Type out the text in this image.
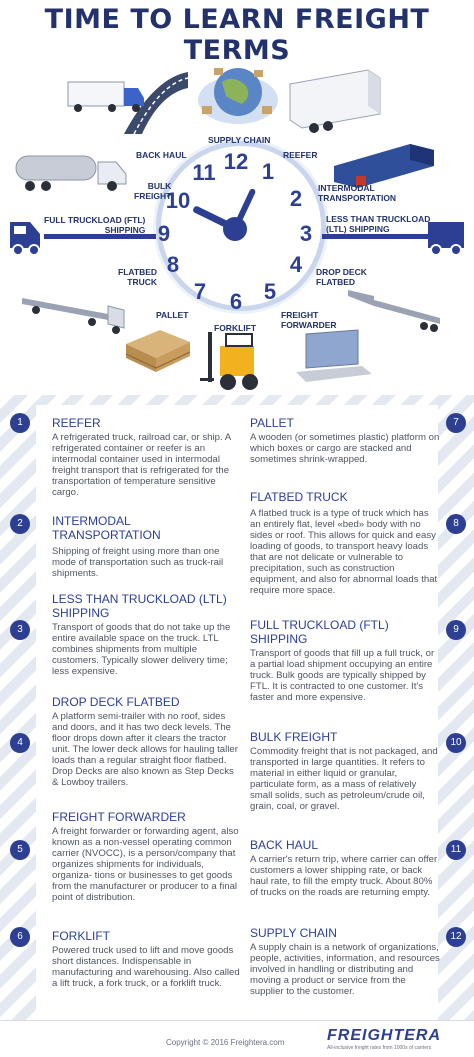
TIME TO LEARN FREIGHT TERMS
12 1
2
3
4
5
6
7
8
9
10
11
SUPPLY CHAIN
REEFER
INTERMODAL
TRANSPORTATION
LESS THAN TRUCKLOAD
(LTL) SHIPPING
DROP DECK
FLATBED
FREIGHT
FORWARDER
FORKLIFT
PALLET
FLATBED
TRUCK
FULL TRUCKLOAD (FTL)
SHIPPING
BULK
FREIGHT
BACK HAUL
1	REEFER

A refrigerated truck, railroad car, or ship. A refrigerated container or reefer is an intermodal container used in intermodal freight transport that is refrigerated for the transportation of temperature sensitive cargo.

2	INTERMODAL TRANSPORTATION

Shipping of freight using more than one mode of transportation such as truck-rail shipments.

3
LESS THAN TRUCKLOAD (LTL) SHIPPING

Transport of goods that do not take up the entire available space on the truck. LTL combines shipments from multiple customers. Typically slower delivery time; less expensive.

4
DROP DECK FLATBED

A platform semi-trailer with no roof, sides and doors, and it has two deck levels. The floor drops down after it clears the tractor unit. The lower deck allows for hauling taller loads than a regular straight floor flatbed. Drop Decks are also known as Step Decks & Lowboy trailers.

5
FREIGHT FORWARDER

A freight forwarder or forwarding agent, also known as a non-vessel operating common carrier (NVOCC), is a person/company that organizes shipments for individuals, organiza- tions or businesses to get goods from the manufacturer or producer to a final point of distribution.

6	FORKLIFT

Powered truck used to lift and move goods short distances. Indispensable in manufacturing and warehousing. Also called a lift truck, a fork truck, or a forklift truck.

7
PALLET

A wooden (or sometimes plastic) platform on which boxes or cargo are stacked and sometimes shrink-wrapped.

8
FLATBED TRUCK

A flatbed truck is a type of truck which has an entirely flat, level «bed» body with no sides or roof. This allows for quick and easy loading of goods, to transport heavy loads that are not delicate or vulnerable to precipitation, such as construction equipment, and also for abnormal loads that require more space.

9
FULL TRUCKLOAD (FTL) SHIPPING

Transport of goods that fill up a full truck, or a partial load shipment occupying an entire truck. Bulk goods are typically shipped by FTL. It is contracted to one customer. It's faster and more expensive.

10
BULK FREIGHT

Commodity freight that is not packaged, and transported in large quantities. It refers to material in either liquid or granular, particulate form, as a mass of relatively small solids, such as petroleum/crude oil, grain, coal, or gravel.

11
BACK HAUL

A carrier's return trip, where carrier can offer customers a lower shipping rate, or back haul rate, to fill the empty truck. About 80% of trucks on the roads are returning empty.

12
SUPPLY CHAIN

A supply chain is a network of organizations, people, activities, information, and resources involved in handling or distributing and moving a product or service from the supplier to the customer.

Copyright © 2016 Freightera.com	FREIGHTERA
All-inclusive freight rates from 1000s of carriers
